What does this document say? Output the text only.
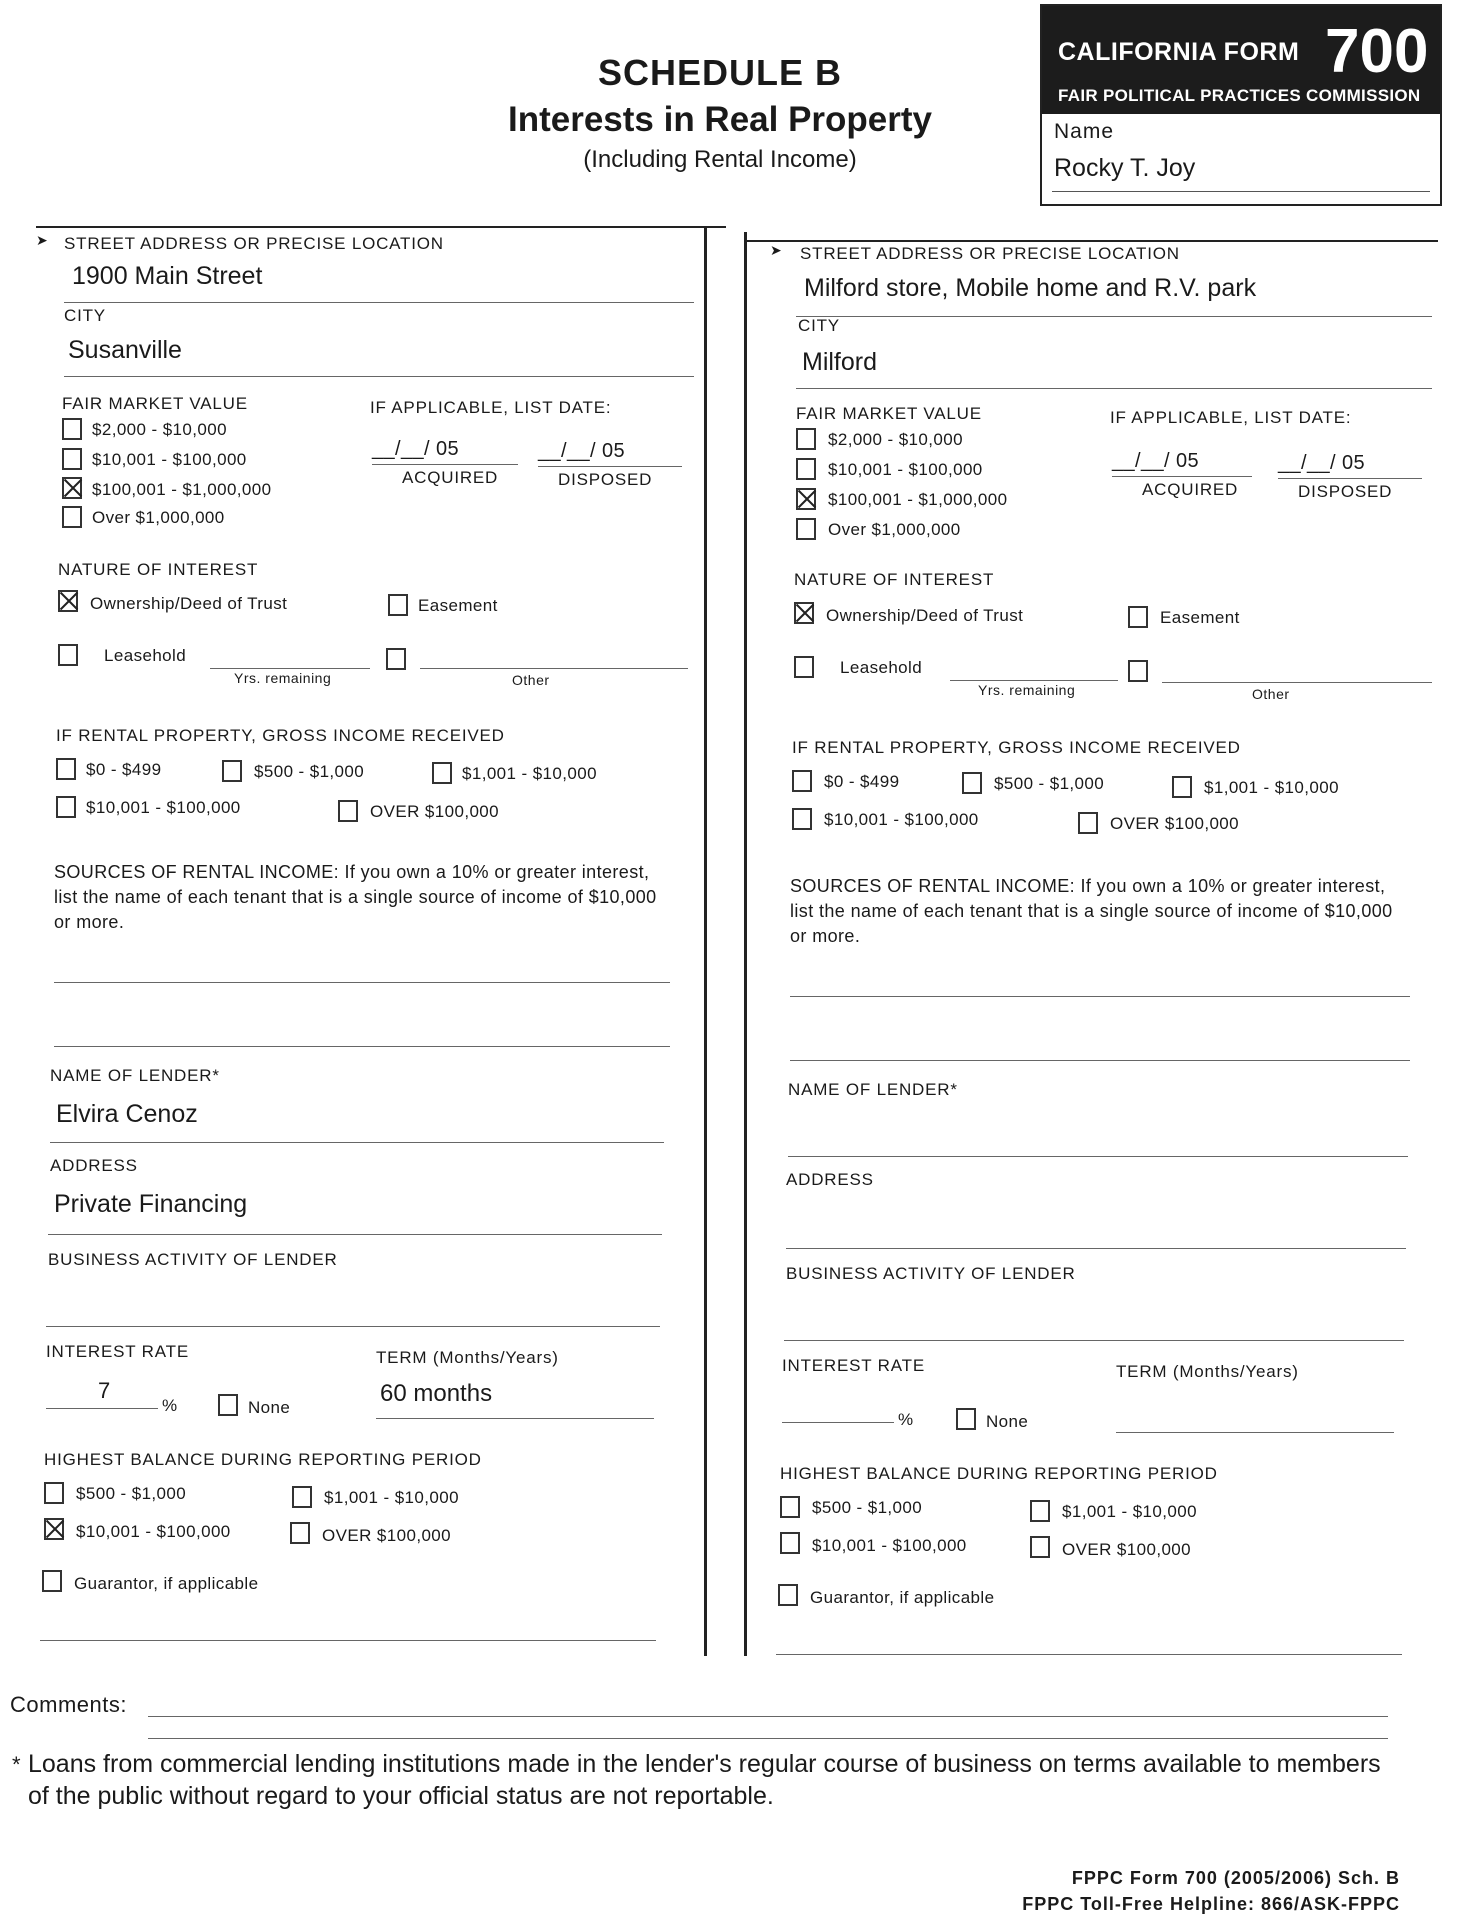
SCHEDULE B
Interests in Real Property
(Including Rental Income)
CALIFORNIA FORM 700
FAIR POLITICAL PRACTICES COMMISSION
Name
Rocky T. Joy
➤ STREET ADDRESS OR PRECISE LOCATION
1900 Main Street
CITY
Susanville
FAIR MARKET VALUE
$2,000 - $10,000
$10,001 - $100,000
$100,001 - $1,000,000
Over $1,000,000
IF APPLICABLE, LIST DATE:
__/__/ 05
ACQUIRED
__/__/ 05
DISPOSED
NATURE OF INTEREST
Ownership/Deed of Trust	Easement
Leasehold
Yrs. remaining	Other
IF RENTAL PROPERTY, GROSS INCOME RECEIVED
$0 - $499	$500 - $1,000	$1,001 - $10,000
$10,001 - $100,000	OVER $100,000
SOURCES OF RENTAL INCOME: If you own a 10% or greater interest, list the name of each tenant that is a single source of income of $10,000 or more.
NAME OF LENDER*
Elvira Cenoz
ADDRESS
Private Financing
BUSINESS ACTIVITY OF LENDER
INTEREST RATE
7
%	None
TERM (Months/Years)
60 months
HIGHEST BALANCE DURING REPORTING PERIOD
$500 - $1,000	$1,001 - $10,000
$10,001 - $100,000	OVER $100,000
Guarantor, if applicable
➤ STREET ADDRESS OR PRECISE LOCATION
Milford store, Mobile home and R.V. park
CITY
Milford
FAIR MARKET VALUE
$2,000 - $10,000
$10,001 - $100,000
$100,001 - $1,000,000
Over $1,000,000
IF APPLICABLE, LIST DATE:
__/__/ 05
ACQUIRED
__/__/ 05
DISPOSED
NATURE OF INTEREST
Ownership/Deed of Trust	Easement
Leasehold
Yrs. remaining	Other
IF RENTAL PROPERTY, GROSS INCOME RECEIVED
$0 - $499	$500 - $1,000	$1,001 - $10,000
$10,001 - $100,000	OVER $100,000
SOURCES OF RENTAL INCOME: If you own a 10% or greater interest, list the name of each tenant that is a single source of income of $10,000 or more.
NAME OF LENDER*
ADDRESS
BUSINESS ACTIVITY OF LENDER
INTEREST RATE
%	None
TERM (Months/Years)
HIGHEST BALANCE DURING REPORTING PERIOD
$500 - $1,000	$1,001 - $10,000
$10,001 - $100,000	OVER $100,000
Guarantor, if applicable
Comments:
* Loans from commercial lending institutions made in the lender's regular course of business on terms available to members of the public without regard to your official status are not reportable.
FPPC Form 700 (2005/2006) Sch. B
FPPC Toll-Free Helpline: 866/ASK-FPPC
